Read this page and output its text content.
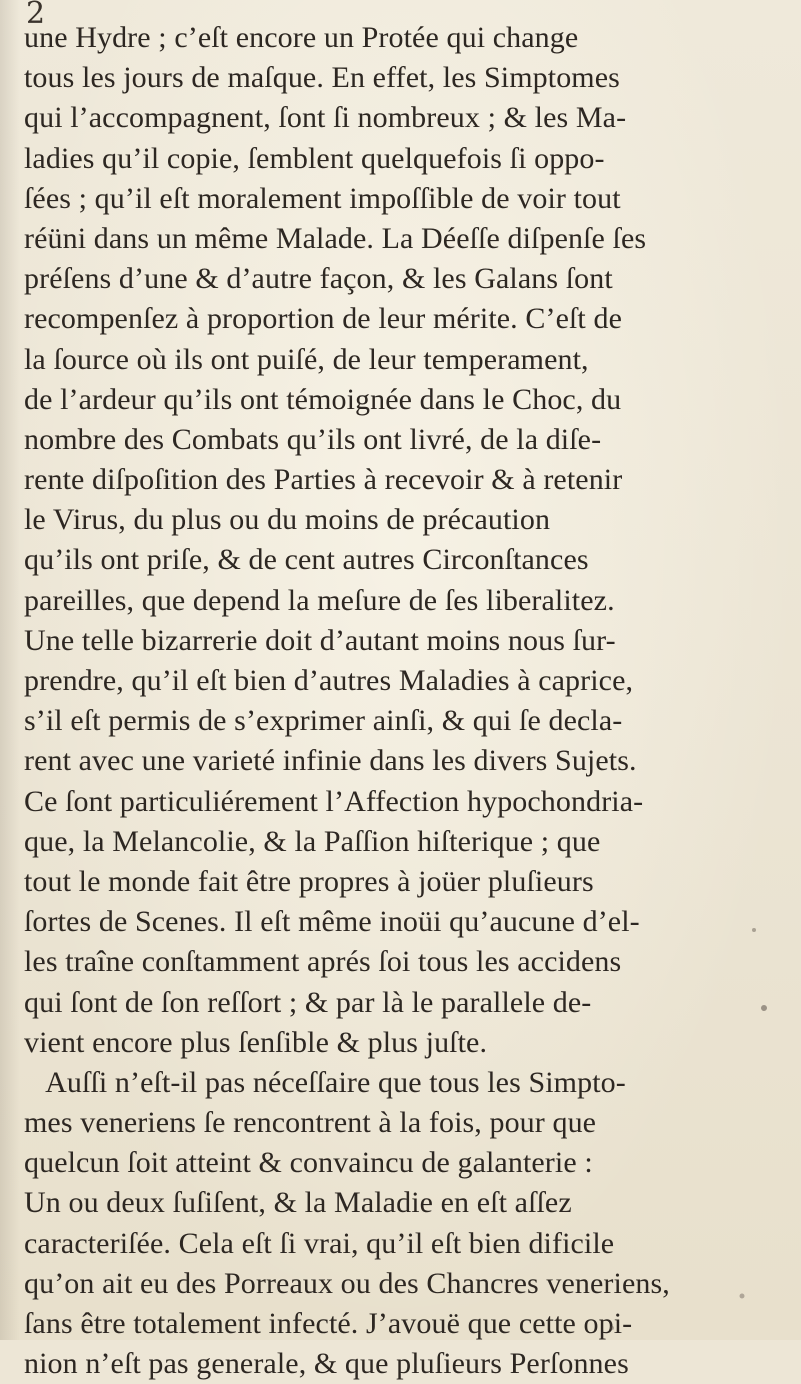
2
une Hydre ; c’eſt encore un Protée qui change
tous les jours de maſque. En effet, les Simptomes
qui l’accompagnent, ſont ſi nombreux ; & les Ma-
ladies qu’il copie, ſemblent quelquefois ſi oppo-
ſées ; qu’il eſt moralement impoſſible de voir tout
réüni dans un même Malade. La Déeſſe diſpenſe ſes
préſens d’une & d’autre façon, & les Galans ſont
recompenſez à proportion de leur mérite. C’eſt de
la ſource où ils ont puiſé, de leur temperament,
de l’ardeur qu’ils ont témoignée dans le Choc, du
nombre des Combats qu’ils ont livré, de la diſe-
rente diſpoſition des Parties à recevoir & à retenir
le Virus, du plus ou du moins de précaution
qu’ils ont priſe, & de cent autres Circonſtances
pareilles, que depend la meſure de ſes liberalitez.
Une telle bizarrerie doit d’autant moins nous ſur-
prendre, qu’il eſt bien d’autres Maladies à caprice,
s’il eſt permis de s’exprimer ainſi, & qui ſe decla-
rent avec une varieté infinie dans les divers Sujets.
Ce ſont particuliérement l’Affection hypochondria-
que, la Melancolie, & la Paſſion hiſterique ; que
tout le monde fait être propres à joüer pluſieurs
ſortes de Scenes. Il eſt même inoüi qu’aucune d’el-
les traîne conſtamment aprés ſoi tous les accidens
qui ſont de ſon reſſort ; & par là le parallele de-
vient encore plus ſenſible & plus juſte.
Auſſi n’eſt-il pas néceſſaire que tous les Simpto-
mes veneriens ſe rencontrent à la fois, pour que
quelcun ſoit atteint & convaincu de galanterie :
Un ou deux ſuſiſent, & la Maladie en eſt aſſez
caracteriſée. Cela eſt ſi vrai, qu’il eſt bien dificile
qu’on ait eu des Porreaux ou des Chancres veneriens,
ſans être totalement infecté. J’avouë que cette opi-
nion n’eſt pas generale, & que pluſieurs Perſonnes
